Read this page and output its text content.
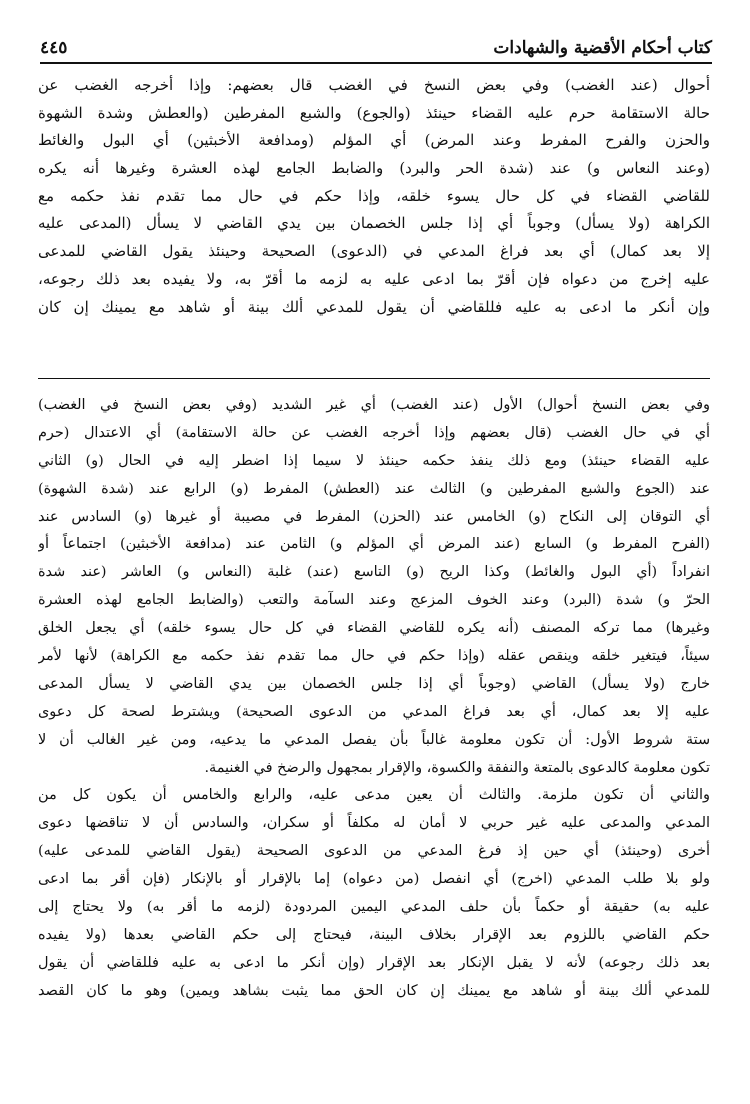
كتاب أحكام الأقضية والشهادات
٤٤٥
أحوال (عند الغضب) وفي بعض النسخ في الغضب قال بعضهم: وإذا أخرجه الغضب عن
حالة الاستقامة حرم عليه القضاء حينئذ (والجوع) والشبع المفرطين (والعطش وشدة الشهوة
والحزن والفرح المفرط وعند المرض) أي المؤلم (ومدافعة الأخبثين) أي البول والغائط
(وعند النعاس و) عند (شدة الحر والبرد) والضابط الجامع لهذه العشرة وغيرها أنه يكره
للقاضي القضاء في كل حال يسوء خلقه، وإذا حكم في حال مما تقدم نفذ حكمه مع
الكراهة (ولا يسأل) وجوباً أي إذا جلس الخصمان بين يدي القاضي لا يسأل (المدعى عليه
إلا بعد كمال) أي بعد فراغ المدعي في (الدعوى) الصحيحة وحينئذ يقول القاضي للمدعى
عليه إخرج من دعواه فإن أقرّ بما ادعى عليه به لزمه ما أقرّ به، ولا يفيده بعد ذلك رجوعه،
وإن أنكر ما ادعى به عليه فللقاضي أن يقول للمدعي ألك بينة أو شاهد مع يمينك إن كان
وفي بعض النسخ أحوال) الأول (عند الغضب) أي غير الشديد (وفي بعض النسخ في الغضب)
أي في حال الغضب (قال بعضهم وإذا أخرجه الغضب عن حالة الاستقامة) أي الاعتدال (حرم
عليه القضاء حينئذ) ومع ذلك ينفذ حكمه حينئذ لا سيما إذا اضطر إليه في الحال (و) الثاني
عند (الجوع والشبع المفرطين و) الثالث عند (العطش) المفرط (و) الرابع عند (شدة الشهوة)
أي التوقان إلى النكاح (و) الخامس عند (الحزن) المفرط في مصيبة أو غيرها (و) السادس عند
(الفرح المفرط و) السابع (عند المرض أي المؤلم و) الثامن عند (مدافعة الأخبثين) اجتماعاً أو
انفراداً (أي البول والغائط) وكذا الريح (و) التاسع (عند) غلبة (النعاس و) العاشر (عند شدة
الحرّ و) شدة (البرد) وعند الخوف المزعج وعند السآمة والتعب (والضابط الجامع لهذه العشرة
وغيرها) مما تركه المصنف (أنه يكره للقاضي القضاء في كل حال يسوء خلقه) أي يجعل الخلق
سيئاً، فيتغير خلقه وينقص عقله (وإذا حكم في حال مما تقدم نفذ حكمه مع الكراهة) لأنها لأمر
خارج (ولا يسأل) القاضي (وجوباً أي إذا جلس الخصمان بين يدي القاضي لا يسأل المدعى
عليه إلا بعد كمال، أي بعد فراغ المدعي من الدعوى الصحيحة) ويشترط لصحة كل دعوى
ستة شروط الأول: أن تكون معلومة غالباً بأن يفصل المدعي ما يدعيه، ومن غير الغالب أن لا
تكون معلومة كالدعوى بالمتعة والنفقة والكسوة، والإقرار بمجهول والرضخ في الغنيمة.
والثاني أن تكون ملزمة. والثالث أن يعين مدعى عليه، والرابع والخامس أن يكون كل من
المدعي والمدعى عليه غير حربي لا أمان له مكلفاً أو سكران، والسادس أن لا تناقضها دعوى
أخرى (وحينئذ) أي حين إذ فرغ المدعي من الدعوى الصحيحة (يقول القاضي للمدعى عليه)
ولو بلا طلب المدعي (اخرج) أي انفصل (من دعواه) إما بالإقرار أو بالإنكار (فإن أقر بما ادعى
عليه به) حقيقة أو حكماً بأن حلف المدعي اليمين المردودة (لزمه ما أقر به) ولا يحتاج إلى
حكم القاضي باللزوم بعد الإقرار بخلاف البينة، فيحتاج إلى حكم القاضي بعدها (ولا يفيده
بعد ذلك رجوعه) لأنه لا يقبل الإنكار بعد الإقرار (وإن أنكر ما ادعى به عليه فللقاضي أن يقول
للمدعي ألك بينة أو شاهد مع يمينك إن كان الحق مما يثبت بشاهد ويمين) وهو ما كان القصد
